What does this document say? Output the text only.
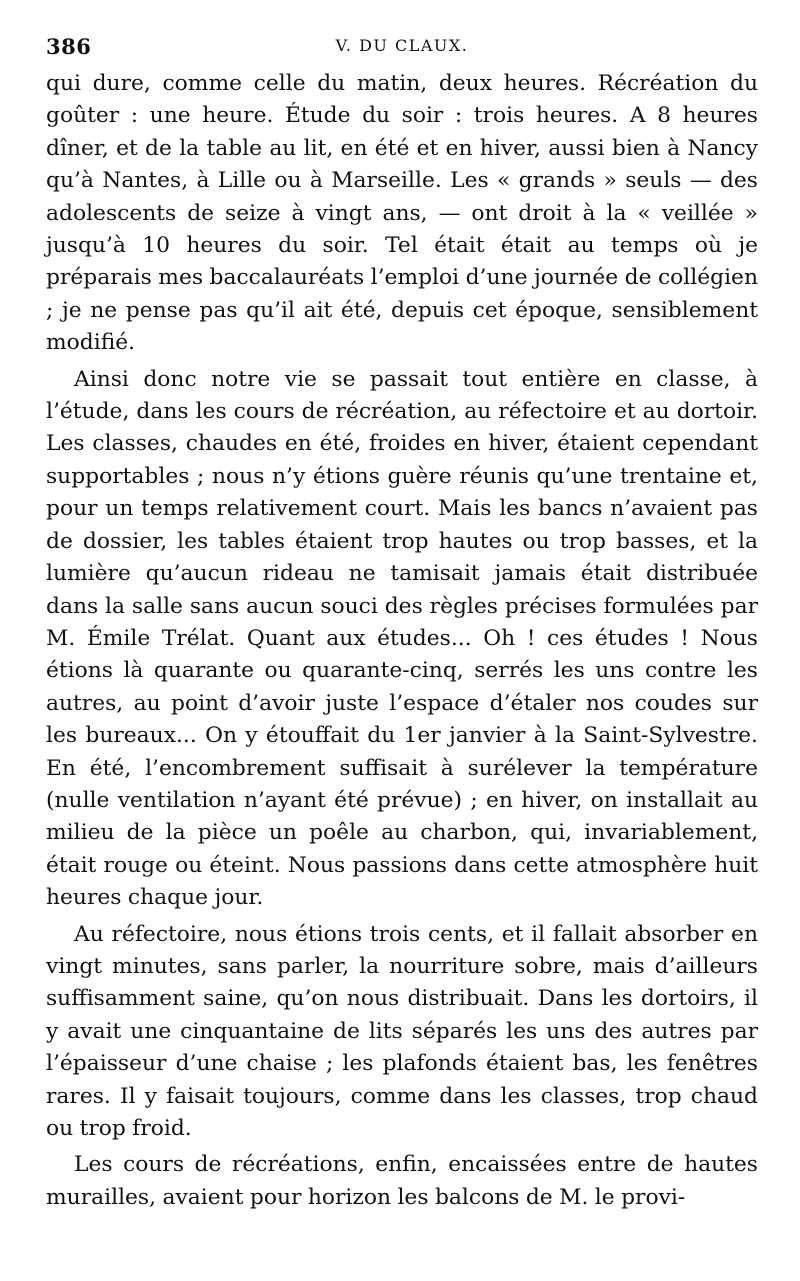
386	V. DU CLAUX.

qui dure, comme celle du matin, deux heures. Récréation du goûter : une heure. Étude du soir : trois heures. A 8 heures dîner, et de la table au lit, en été et en hiver, aussi bien à Nancy qu’à Nantes, à Lille ou à Marseille. Les « grands » seuls — des adolescents de seize à vingt ans, — ont droit à la « veillée » jusqu’à 10 heures du soir. Tel était était au temps où je préparais mes baccalauréats l’emploi d’une journée de collégien ; je ne pense pas qu’il ait été, depuis cet époque, sensiblement modifié.

Ainsi donc notre vie se passait tout entière en classe, à l’étude, dans les cours de récréation, au réfectoire et au dortoir. Les classes, chaudes en été, froides en hiver, étaient cependant supportables ; nous n’y étions guère réunis qu’une trentaine et, pour un temps relativement court. Mais les bancs n’avaient pas de dossier, les tables étaient trop hautes ou trop basses, et la lumière qu’aucun rideau ne tamisait jamais était distribuée dans la salle sans aucun souci des règles précises formulées par M. Émile Trélat. Quant aux études... Oh ! ces études ! Nous étions là quarante ou quarante-cinq, serrés les uns contre les autres, au point d’avoir juste l’espace d’étaler nos coudes sur les bureaux... On y étouffait du 1er janvier à la Saint-Sylvestre. En été, l’encombrement suffisait à surélever la température (nulle ventilation n’ayant été prévue) ; en hiver, on installait au milieu de la pièce un poêle au charbon, qui, invariablement, était rouge ou éteint. Nous passions dans cette atmosphère huit heures chaque jour.

Au réfectoire, nous étions trois cents, et il fallait absorber en vingt minutes, sans parler, la nourriture sobre, mais d’ailleurs suffisamment saine, qu’on nous distribuait. Dans les dortoirs, il y avait une cinquantaine de lits séparés les uns des autres par l’épaisseur d’une chaise ; les plafonds étaient bas, les fenêtres rares. Il y faisait toujours, comme dans les classes, trop chaud ou trop froid.

Les cours de récréations, enfin, encaissées entre de hautes murailles, avaient pour horizon les balcons de M. le provi-
